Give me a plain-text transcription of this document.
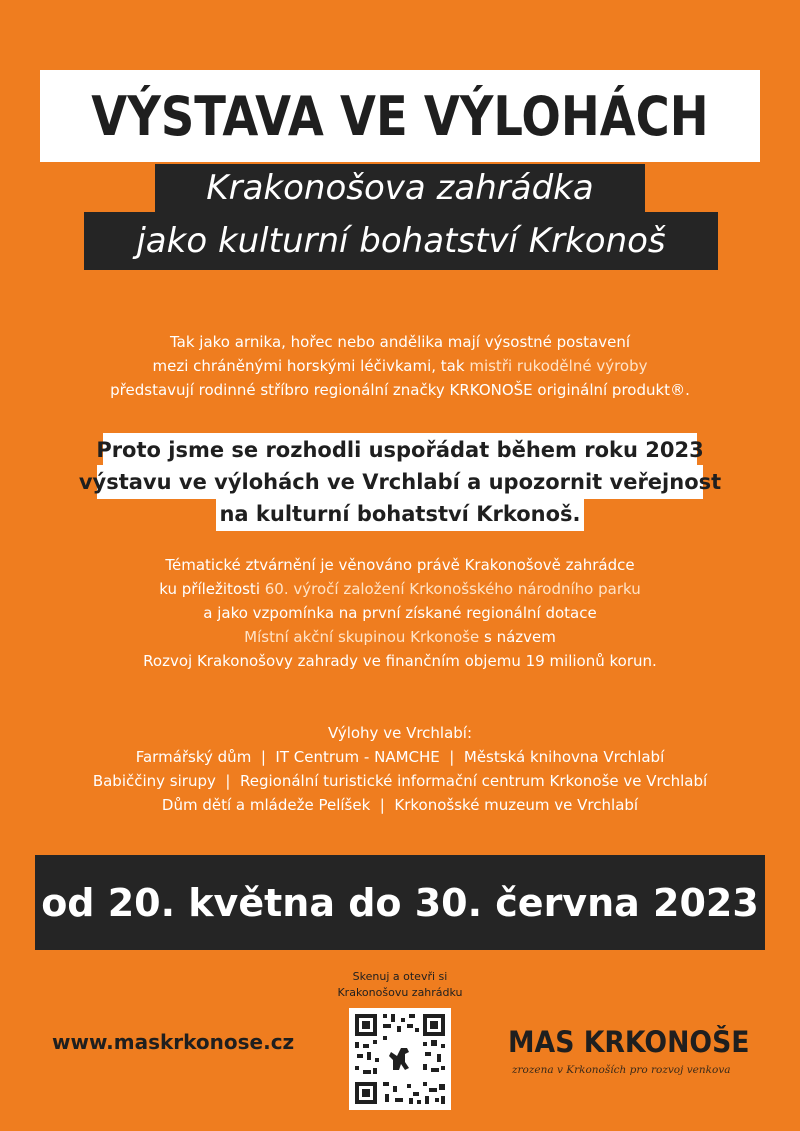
VÝSTAVA VE VÝLOHÁCH
Krakonošova zahrádka
jako kulturní bohatství Krkonoš
Tak jako arnika, hořec nebo andělika mají výsostné postavení
mezi chráněnými horskými léčivkami, tak mistři rukodělné výroby
představují rodinné stříbro regionální značky KRKONOŠE originální produkt®.
Proto jsme se rozhodli uspořádat během roku 2023
výstavu ve výlohách ve Vrchlabí a upozornit veřejnost
na kulturní bohatství Krkonoš.
Tématické ztvárnění je věnováno právě Krakonošově zahrádce
ku příležitosti 60. výročí založení Krkonošského národního parku
a jako vzpomínka na první získané regionální dotace
Místní akční skupinou Krkonoše s názvem
Rozvoj Krakonošovy zahrady ve finančním objemu 19 milionů korun.
Výlohy ve Vrchlabí:
Farmářský dům  |  IT Centrum - NAMCHE  |  Městská knihovna Vrchlabí
Babiččiny sirupy  |  Regionální turistické informační centrum Krkonoše ve Vrchlabí
Dům dětí a mládeže Pelíšek  |  Krkonošské muzeum ve Vrchlabí
od 20. května do 30. června 2023
Skenuj a otevři si
Krakonošovu zahrádku
www.maskrkonose.cz	MAS KRKONOŠE
zrozena v Krkonoších pro rozvoj venkova
